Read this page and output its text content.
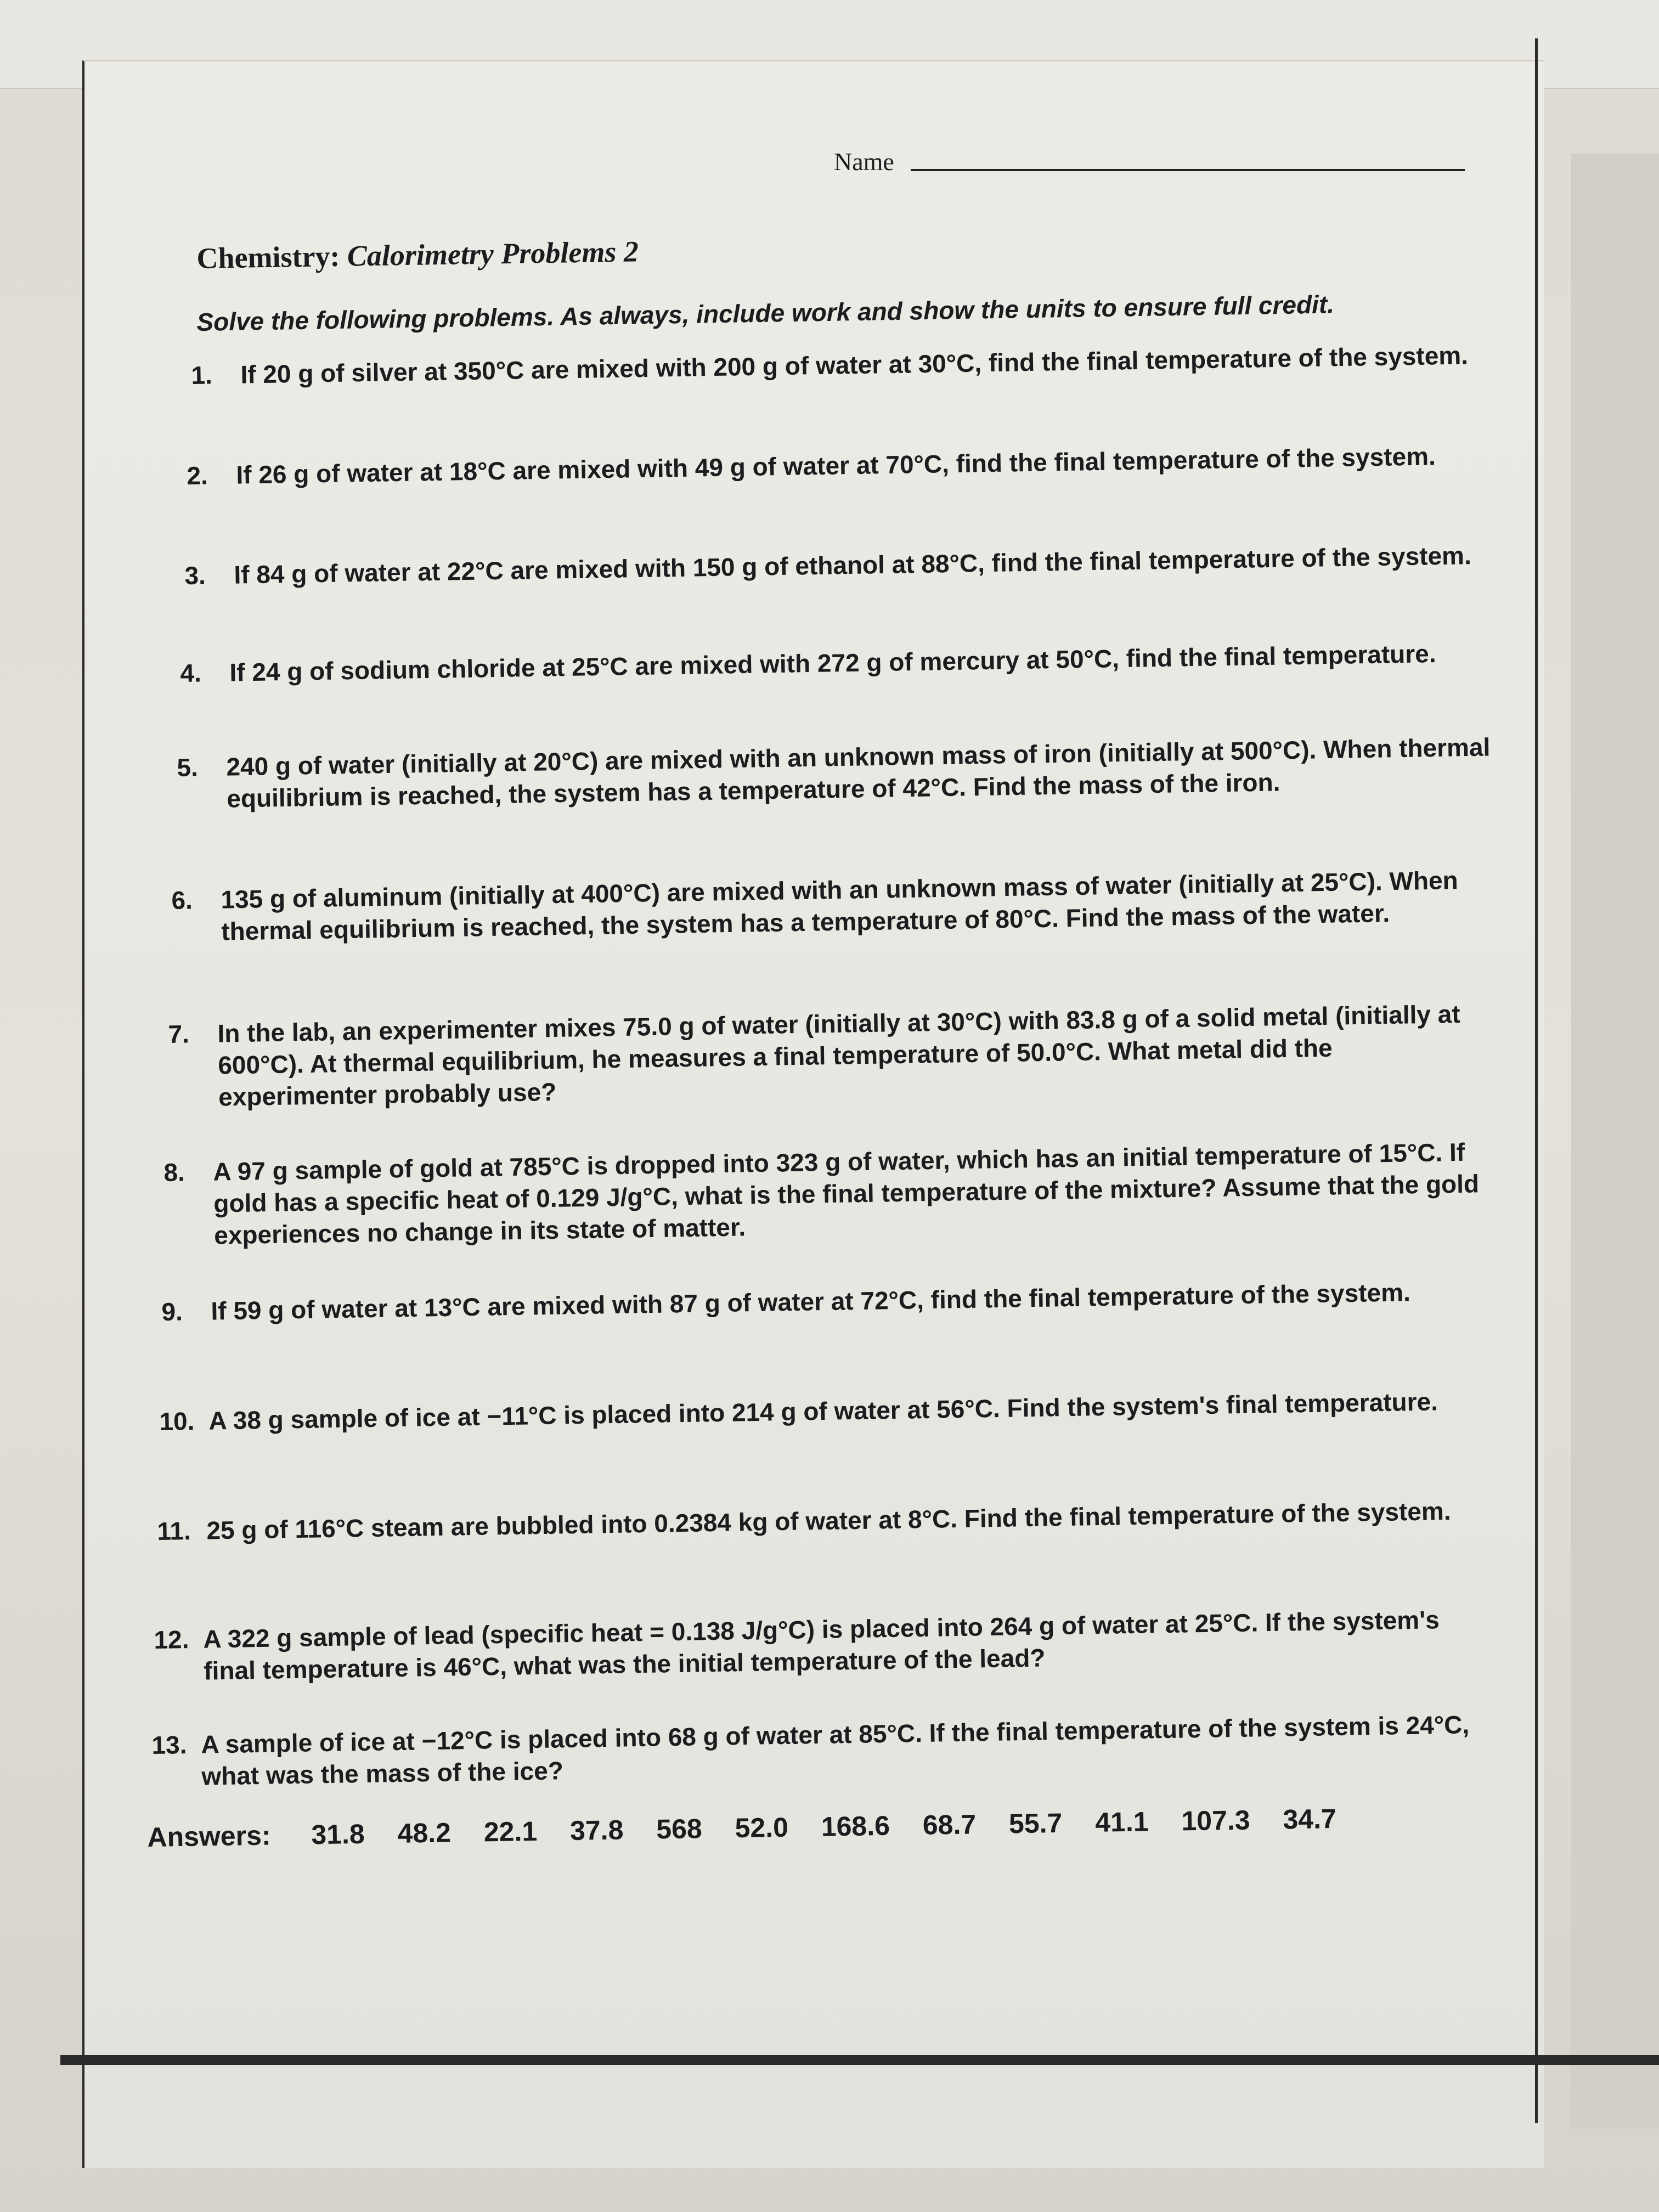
Name
Chemistry: Calorimetry Problems 2
Solve the following problems. As always, include work and show the units to ensure full credit.
1.	If 20 g of silver at 350°C are mixed with 200 g of water at 30°C, find the final temperature of the system.
2.	If 26 g of water at 18°C are mixed with 49 g of water at 70°C, find the final temperature of the system.
3.	If 84 g of water at 22°C are mixed with 150 g of ethanol at 88°C, find the final temperature of the system.
4.	If 24 g of sodium chloride at 25°C are mixed with 272 g of mercury at 50°C, find the final temperature.
5.	240 g of water (initially at 20°C) are mixed with an unknown mass of iron (initially at 500°C). When thermal equilibrium is reached, the system has a temperature of 42°C. Find the mass of the iron.
6.	135 g of aluminum (initially at 400°C) are mixed with an unknown mass of water (initially at 25°C). When thermal equilibrium is reached, the system has a temperature of 80°C. Find the mass of the water.
7.	In the lab, an experimenter mixes 75.0 g of water (initially at 30°C) with 83.8 g of a solid metal (initially at 600°C). At thermal equilibrium, he measures a final temperature of 50.0°C. What metal did the experimenter probably use?
8.	A 97 g sample of gold at 785°C is dropped into 323 g of water, which has an initial temperature of 15°C. If gold has a specific heat of 0.129 J/g°C, what is the final temperature of the mixture? Assume that the gold experiences no change in its state of matter.
9.	If 59 g of water at 13°C are mixed with 87 g of water at 72°C, find the final temperature of the system.
10. A 38 g sample of ice at −11°C is placed into 214 g of water at 56°C. Find the system's final temperature.
11. 25 g of 116°C steam are bubbled into 0.2384 kg of water at 8°C. Find the final temperature of the system.
12. A 322 g sample of lead (specific heat = 0.138 J/g°C) is placed into 264 g of water at 25°C. If the system's final temperature is 46°C, what was the initial temperature of the lead?
13. A sample of ice at −12°C is placed into 68 g of water at 85°C. If the final temperature of the system is 24°C, what was the mass of the ice?
Answers: 31.8 48.2 22.1 37.8 568 52.0 168.6 68.7 55.7 41.1 107.3 34.7
